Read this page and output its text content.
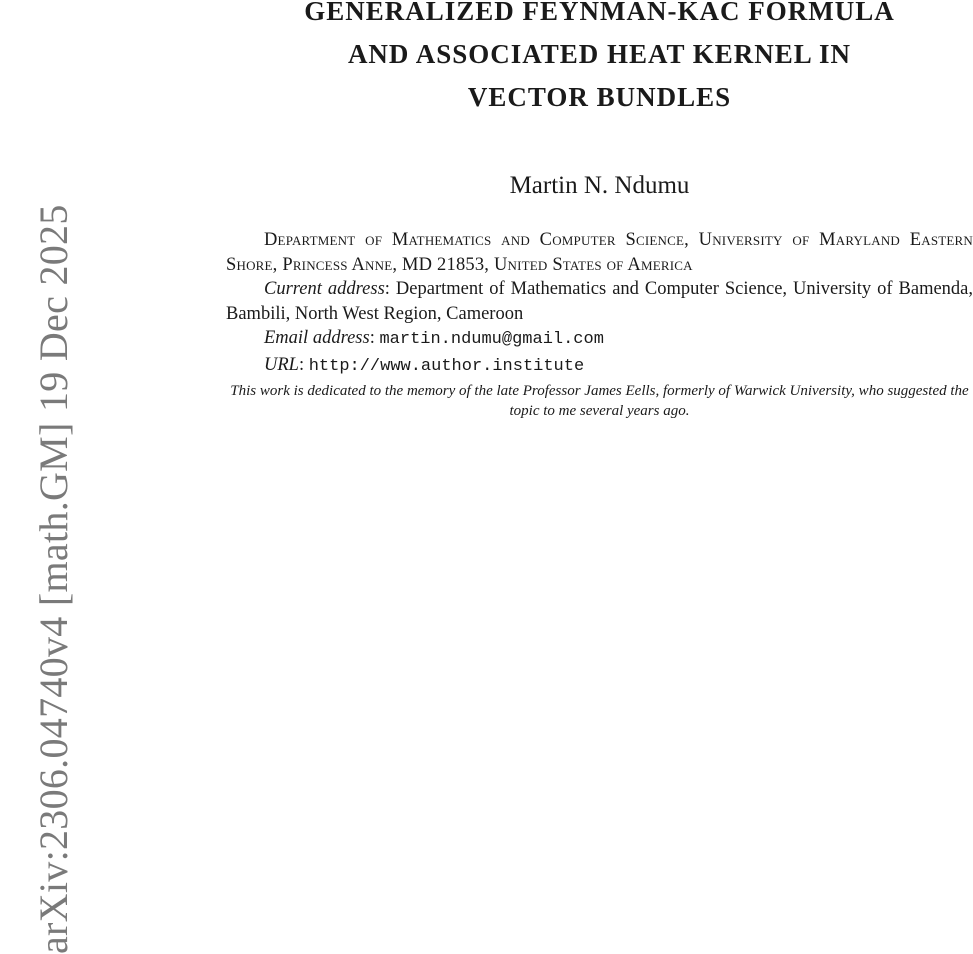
arXiv:2306.04740v4 [math.GM] 19 Dec 2025
GENERALIZED FEYNMAN-KAC FORMULA
AND ASSOCIATED HEAT KERNEL IN
VECTOR BUNDLES
Martin N. Ndumu

Department of Mathematics and Computer Science, University of Maryland Eastern Shore, Princess Anne, MD 21853, United States of America

Current address: Department of Mathematics and Computer Science, University of Bamenda, Bambili, North West Region, Cameroon

Email address: martin.ndumu@gmail.com

URL: http://www.author.institute

This work is dedicated to the memory of the late Professor James Eells, formerly of Warwick University, who suggested the topic to me several years ago.
